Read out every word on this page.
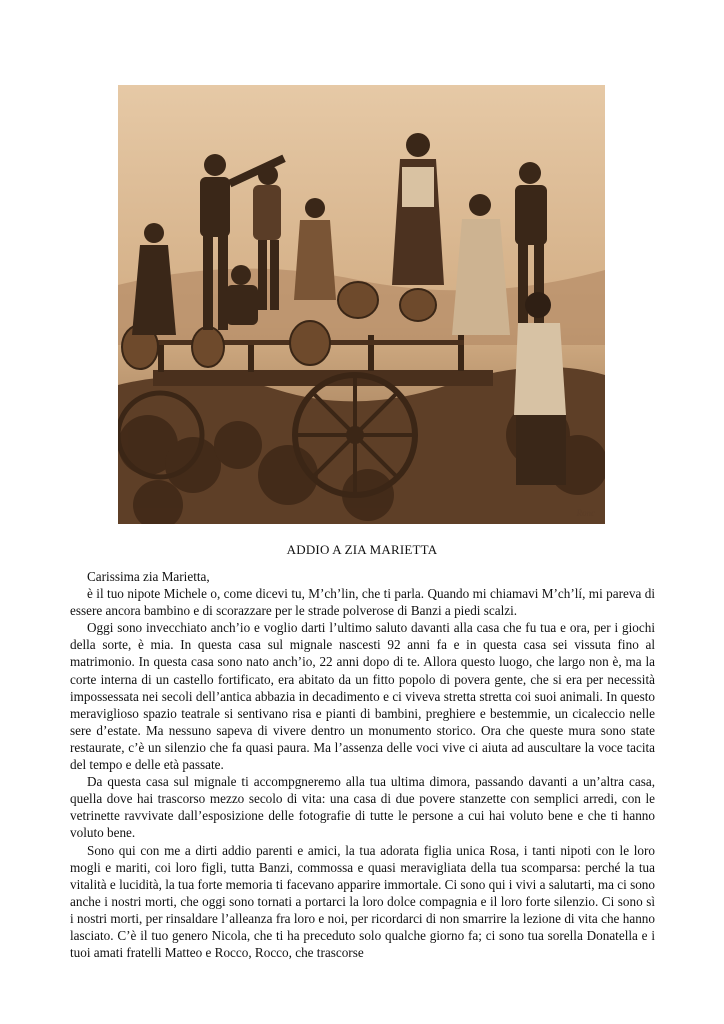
Ronc
ADDIO A ZIA MARIETTA

Carissima zia Marietta,

è il tuo nipote Michele o, come dicevi tu, M’ch’lin, che ti parla. Quando mi chiamavi M’ch’lí, mi pareva di essere ancora bambino e di scorazzare per le strade polverose di Banzi a piedi scalzi.

Oggi sono invecchiato anch’io e voglio darti l’ultimo saluto davanti alla casa che fu tua e ora, per i giochi della sorte, è mia. In questa casa sul mignale nascesti 92 anni fa e in questa casa sei vissuta fino al matrimonio. In questa casa sono nato anch’io, 22 anni dopo di te. Allora questo luogo, che largo non è, ma la corte interna di un castello fortificato, era abitato da un fitto popolo di povera gente, che si era per necessità impossessata nei secoli dell’antica abbazia in decadimento e ci viveva stretta stretta coi suoi animali. In questo meraviglioso spazio teatrale si sentivano risa e pianti di bambini, preghiere e bestemmie, un cicaleccio nelle sere d’estate. Ma nessuno sapeva di vivere dentro un monumento storico. Ora che queste mura sono state restaurate, c’è un silenzio che fa quasi paura. Ma l’assenza delle voci vive ci aiuta ad auscultare la voce tacita del tempo e delle età passate.

Da questa casa sul mignale ti accompgneremo alla tua ultima dimora, passando davanti a un’altra casa, quella dove hai trascorso mezzo secolo di vita: una casa di due povere stanzette con semplici arredi, con le vetrinette ravvivate dall’esposizione delle fotografie di tutte le persone a cui hai voluto bene e che ti hanno voluto bene.

Sono qui con me a dirti addio parenti e amici, la tua adorata figlia unica Rosa, i tanti nipoti con le loro mogli e mariti, coi loro figli, tutta Banzi, commossa e quasi meravigliata della tua scomparsa: perché la tua vitalità e lucidità, la tua forte memoria ti facevano apparire immortale. Ci sono qui i vivi a salutarti, ma ci sono anche i nostri morti, che oggi sono tornati a portarci la loro dolce compagnia e il loro forte silenzio. Ci sono sì i nostri morti, per rinsaldare l’alleanza fra loro e noi, per ricordarci di non smarrire la lezione di vita che hanno lasciato. C’è il tuo genero Nicola, che ti ha preceduto solo qualche giorno fa; ci sono tua sorella Donatella e i tuoi amati fratelli Matteo e Rocco, Rocco, che trascorse
